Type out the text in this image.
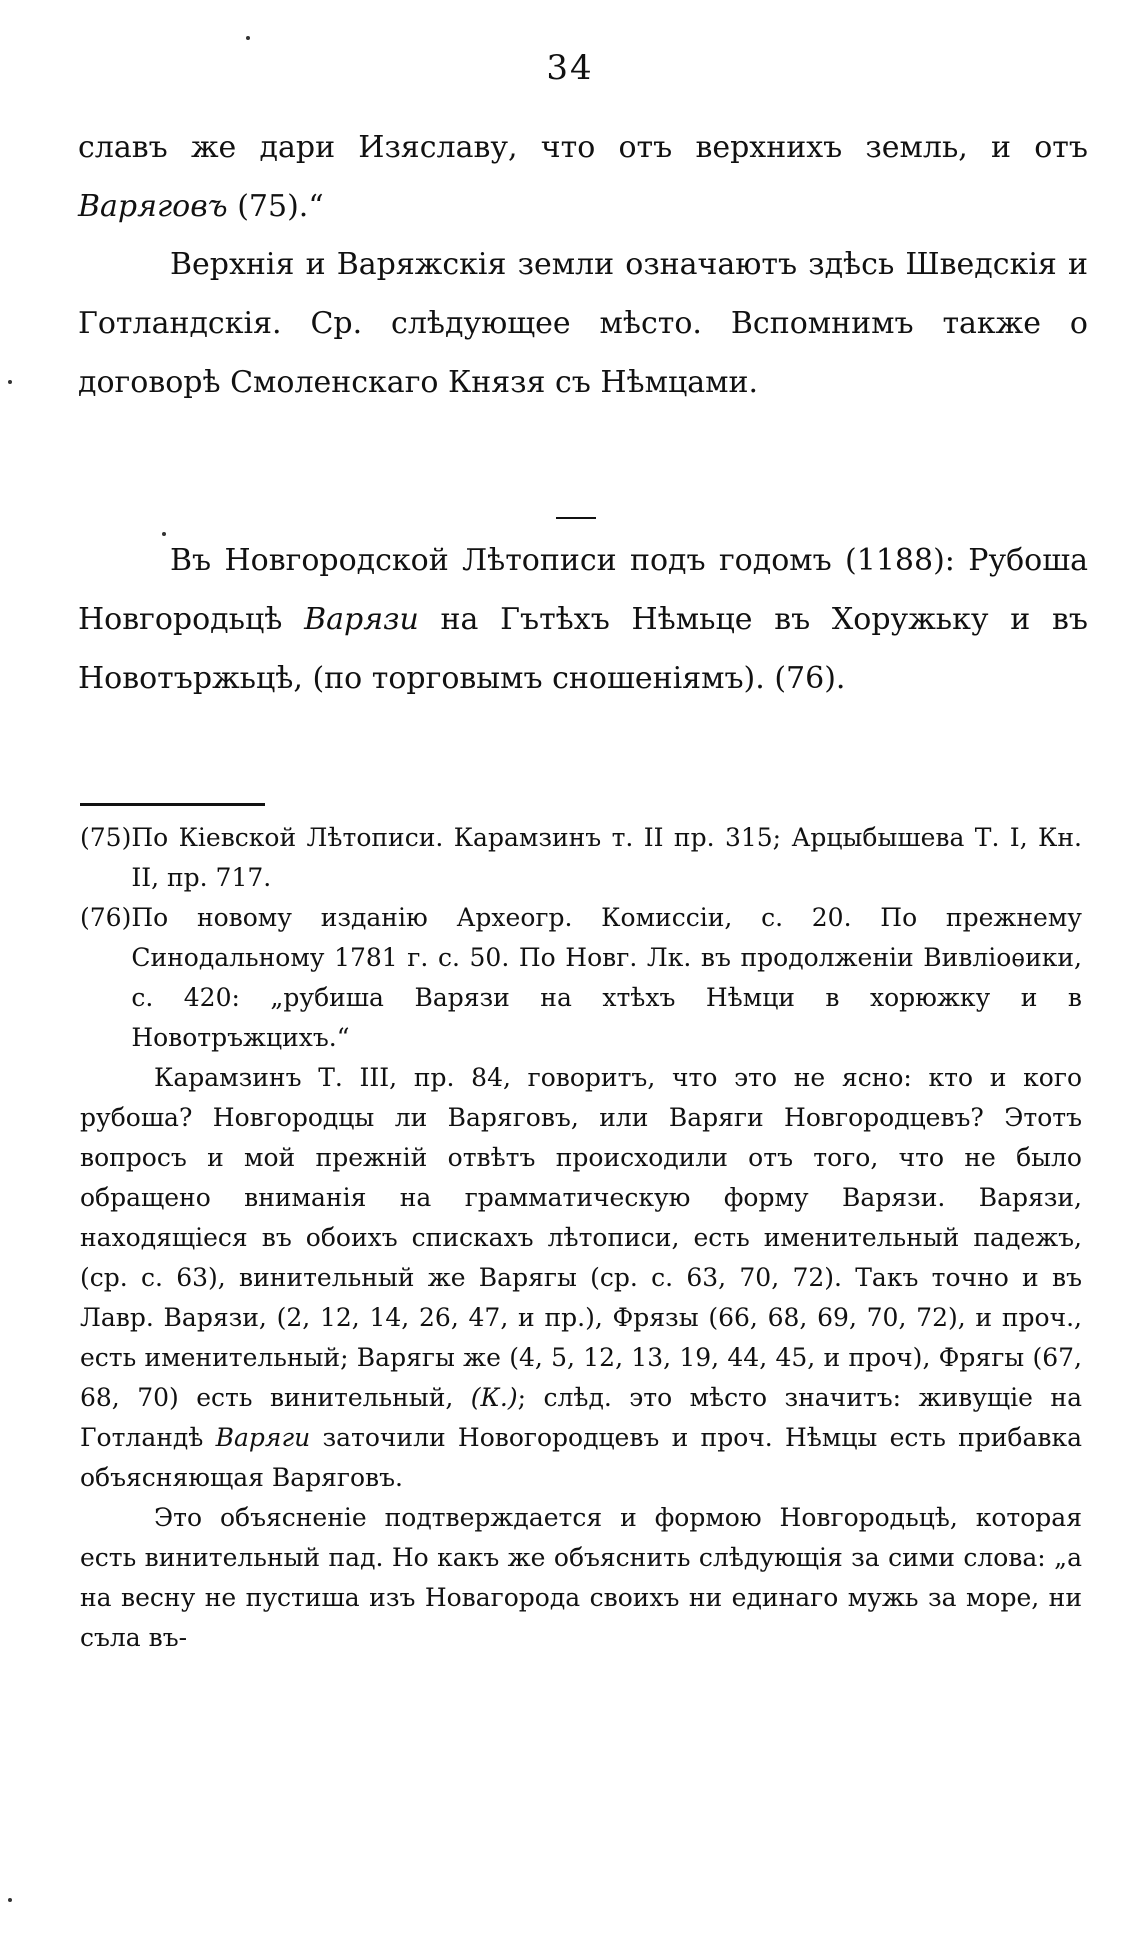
34

славъ же дари Изяславу, что отъ верхнихъ земль, и отъ Варяговъ (75).“

Верхнія и Варяжскія земли означаютъ здѣсь Шведскія и Готландскія. Ср. слѣдующее мѣсто. Вспомнимъ также о договорѣ Смоленскаго Князя съ Нѣмцами.

Въ Новгородской Лѣтописи подъ годомъ (1188): Рубоша Новгородьцѣ Варязи на Гътѣхъ Нѣмьце въ Хоружьку и въ Новотържьцѣ, (по торговымъ сношеніямъ). (76).

(75) По Кіевской Лѣтописи. Карамзинъ т. II пр. 315; Арцыбышева Т. I, Кн. II, пр. 717.
(76) По новому изданію Археогр. Комиссіи, с. 20. По прежнему Синодальному 1781 г. с. 50. По Новг. Лк. въ продолженіи Вивліоѳики, с. 420: „рубиша Варязи на хтѣхъ Нѣмци в хорюжку и в Новотръжцихъ.“

Карамзинъ Т. III, пр. 84, говоритъ, что это не ясно: кто и кого рубоша? Новгородцы ли Варяговъ, или Варяги Новгородцевъ? Этотъ вопросъ и мой прежній отвѣтъ происходили отъ того, что не было обращено вниманія на грамматическую форму Варязи. Варязи, находящіеся въ обоихъ спискахъ лѣтописи, есть именительный падежъ, (ср. с. 63), винительный же Варягы (ср. с. 63, 70, 72). Такъ точно и въ Лавр. Варязи, (2, 12, 14, 26, 47, и пр.), Фрязы (66, 68, 69, 70, 72), и проч., есть именительный; Варягы же (4, 5, 12, 13, 19, 44, 45, и проч), Фрягы (67, 68, 70) есть винительный, (К.); слѣд. это мѣсто значитъ: живущіе на Готландѣ Варяги заточили Новогородцевъ и проч. Нѣмцы есть прибавка объясняющая Варяговъ.

Это объясненіе подтверждается и формою Новгородьцѣ, которая есть винительный пад. Но какъ же объяснить слѣдующія за сими слова: „а на весну не пустиша изъ Новагорода своихъ ни единаго мужь за море, ни съла въ-
